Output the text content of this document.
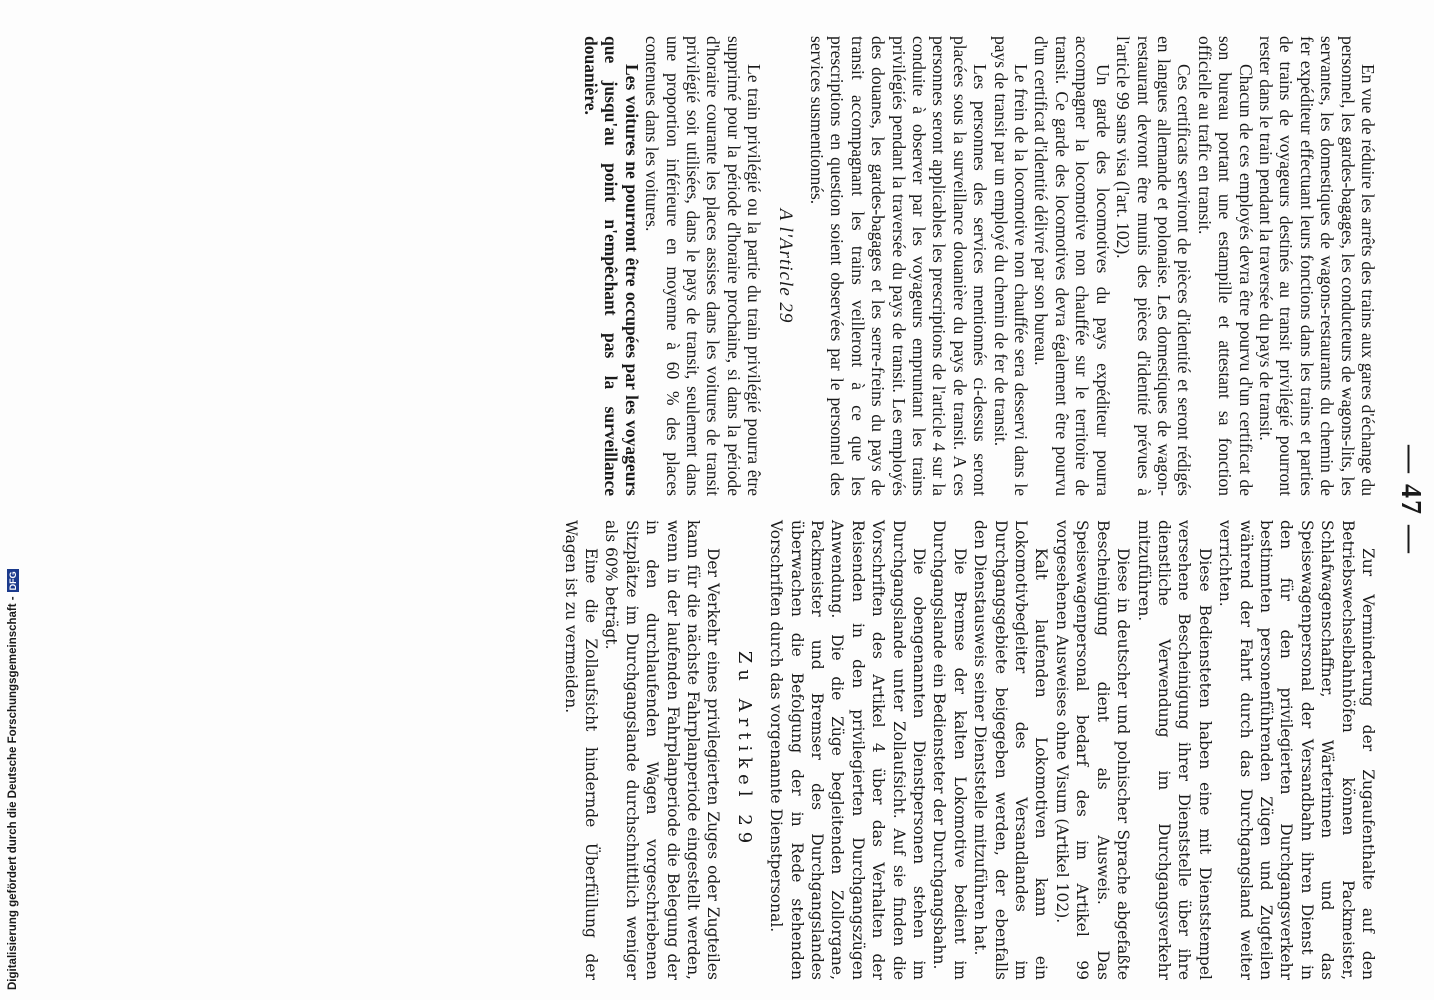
— 47 —

En vue de réduire les arrêts des trains aux gares d'échange du personnel, les gardes-bagages, les conducteurs de wagons-lits, les servantes, les domestiques de wagons-restaurants du chemin de fer expéditeur effectuant leurs fonctions dans les trains et parties de trains de voyageurs destinés au transit privilégié pourront rester dans le train pendant la traversée du pays de transit.

Chacun de ces employés devra être pourvu d'un certificat de son bureau portant une estampille et attestant sa fonction officielle au trafic en transit.

Ces certificats serviront de pièces d'identité et seront rédigés en langues allemande et polonaise. Les domestiques de wagon-restaurant devront être munis des pièces d'identité prévues à l'article 99 sans visa (l'art. 102).

Un garde des locomotives du pays expéditeur pourra accompagner la locomotive non chauffée sur le territoire de transit. Ce garde des locomotives devra également être pourvu d'un certificat d'identité délivré par son bureau.

Le frein de la locomotive non chauffée sera desservi dans le pays de transit par un employé du chemin de fer de transit.

Les personnes des services mentionnés ci-dessus seront placées sous la surveillance douanière du pays de transit. A ces personnes seront applicables les prescriptions de l'article 4 sur la conduite à observer par les voyageurs empruntant les trains privilégiés pendant la traversée du pays de transit. Les employés des douanes, les gardes-bagages et les serre-freins du pays de transit accompagnant les trains veilleront à ce que les prescriptions en question soient observées par le personnel des services susmentionnés.

A l'Article 29

Le train privilégié ou la partie du train privilégié pourra être supprimé pour la période d'horaire prochaine, si dans la période d'horaire courante les places assises dans les voitures de transit privilégié soit utilisées, dans le pays de transit, seulement dans une proportion inférieure en moyenne à 60 % des places contenues dans les voitures.

Les voitures ne pourront être occupées par les voyageurs que jusqu'au point n'empêchant pas la surveillance douanière.

Zur Verminderung der Zugaufenthalte auf den Betriebswechselbahnhöfen können Packmeister, Schlafwagenschaffner, Wärterinnen und das Speisewagenpersonal der Versandbahn ihren Dienst in den für den privilegierten Durchgangsverkehr bestimmten personenführenden Zügen und Zugteilen während der Fahrt durch das Durchgangsland weiter verrichten.

Diese Bediensteten haben eine mit Dienststempel versehene Bescheinigung ihrer Dienststelle über ihre dienstliche Verwendung im Durchgangsverkehr mitzuführen.

Diese in deutscher und polnischer Sprache abgefaßte Bescheinigung dient als Ausweis. Das Speisewagenpersonal bedarf des im Artikel 99 vorgesehenen Ausweises ohne Visum (Artikel 102).

Kalt laufenden Lokomotiven kann ein Lokomotivbegleiter des Versandlandes im Durchgangsgebiete beigegeben werden, der ebenfalls den Dienstausweis seiner Dienststelle mitzuführen hat.

Die Bremse der kalten Lokomotive bedient im Durchgangslande ein Bediensteter der Durchgangsbahn.

Die obengenannten Dienstpersonen stehen im Durchgangslande unter Zollaufsicht. Auf sie finden die Vorschriften des Artikel 4 über das Verhalten der Reisenden in den privilegierten Durchgangszügen Anwendung. Die die Züge begleitenden Zollorgane, Packmeister und Bremser des Durchgangslandes überwachen die Befolgung der in Rede stehenden Vorschriften durch das vorgenannte Dienstpersonal.

Zu Artikel 29

Der Verkehr eines privilegierten Zuges oder Zugteiles kann für die nächste Fahrplanperiode eingestellt werden, wenn in der laufenden Fahrplanperiode die Belegung der in den durchlaufenden Wagen vorgeschriebenen Sitzplätze im Durchgangslande durchschnittlich weniger als 60% beträgt.

Eine die Zollaufsicht hindernde Überfüllung der Wagen ist zu vermeiden.

Digitalisierung gefördert durch die Deutsche Forschungsgemeinschaft -DFG
